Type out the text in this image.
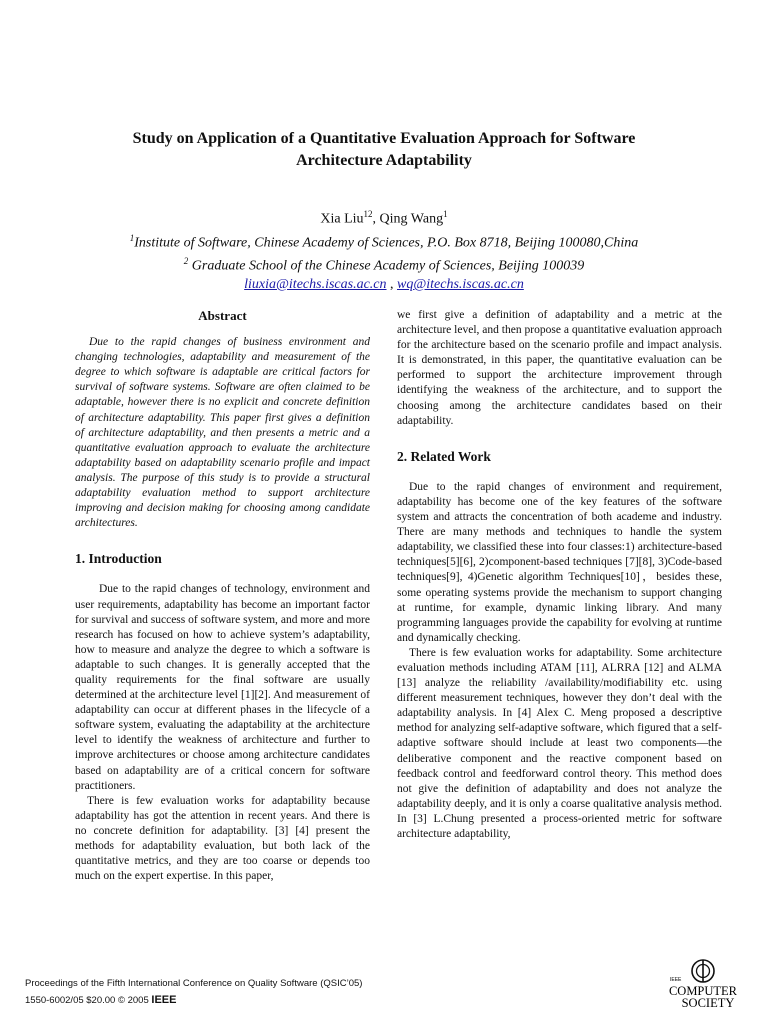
Study on Application of a Quantitative Evaluation Approach for Software
Architecture Adaptability
Xia Liu$^{12}$, Qing Wang$^1$
$^1$Institute of Software, Chinese Academy of Sciences, P.O. Box 8718, Beijing 100080,China
$^2$ Graduate School of the Chinese Academy of Sciences, Beijing 100039
liuxia@itechs.iscas.ac.cn , wq@itechs.iscas.ac.cn
Abstract

Due to the rapid changes of business environment and changing technologies, adaptability and measurement of the degree to which software is adaptable are critical factors for survival of software systems. Software are often claimed to be adaptable, however there is no explicit and concrete definition of architecture adaptability. This paper first gives a definition of architecture adaptability, and then presents a metric and a quantitative evaluation approach to evaluate the architecture adaptability based on adaptability scenario profile and impact analysis. The purpose of this study is to provide a structural adaptability evaluation method to support architecture improving and decision making for choosing among candidate architectures.

1. Introduction

Due to the rapid changes of technology, environment and user requirements, adaptability has become an important factor for survival and success of software system, and more and more research has focused on how to achieve system’s adaptability, how to measure and analyze the degree to which a software is adaptable to such changes. It is generally accepted that the quality requirements for the final software are usually determined at the architecture level [1][2]. And measurement of adaptability can occur at different phases in the lifecycle of a software system, evaluating the adaptability at the architecture level to identify the weakness of architecture and further to improve architectures or choose among architecture candidates based on adaptability are of a critical concern for software practitioners.

There is few evaluation works for adaptability because adaptability has got the attention in recent years. And there is no concrete definition for adaptability. [3] [4] present the methods for adaptability evaluation, but both lack of the quantitative metrics, and they are too coarse or depends too much on the expert expertise. In this paper,

we first give a definition of adaptability and a metric at the architecture level, and then propose a quantitative evaluation approach for the architecture based on the scenario profile and impact analysis. It is demonstrated, in this paper, the quantitative evaluation can be performed to support the architecture improvement through identifying the weakness of the architecture, and to support the choosing among the architecture candidates based on their adaptability.

2. Related Work

Due to the rapid changes of environment and requirement, adaptability has become one of the key features of the software system and attracts the concentration of both academe and industry. There are many methods and techniques to handle the system adaptability, we classified these into four classes:1) architecture-based techniques[5][6], 2)component-based techniques [7][8], 3)Code-based techniques[9], 4)Genetic algorithm Techniques[10]，besides these, some operating systems provide the mechanism to support changing at runtime, for example, dynamic linking library. And many programming languages provide the capability for evolving at runtime and dynamically checking.

There is few evaluation works for adaptability. Some architecture evaluation methods including ATAM [11], ALRRA [12] and ALMA [13] analyze the reliability /availability/modifiability etc. using different measurement techniques, however they don’t deal with the adaptability analysis. In [4] Alex C. Meng proposed a descriptive method for analyzing self-adaptive software, which figured that a self-adaptive software should include at least two components—the deliberative component and the reactive component based on feedback control and feedforward control theory. This method does not give the definition of adaptability and does not analyze the adaptability deeply, and it is only a coarse qualitative analysis method. In [3] L.Chung presented a process-oriented metric for software architecture adaptability,

Proceedings of the Fifth International Conference on Quality Software (QSIC’05)
1550-6002/05 $20.00 © 2005 IEEE
IEEE
COMPUTER
SOCIETY
